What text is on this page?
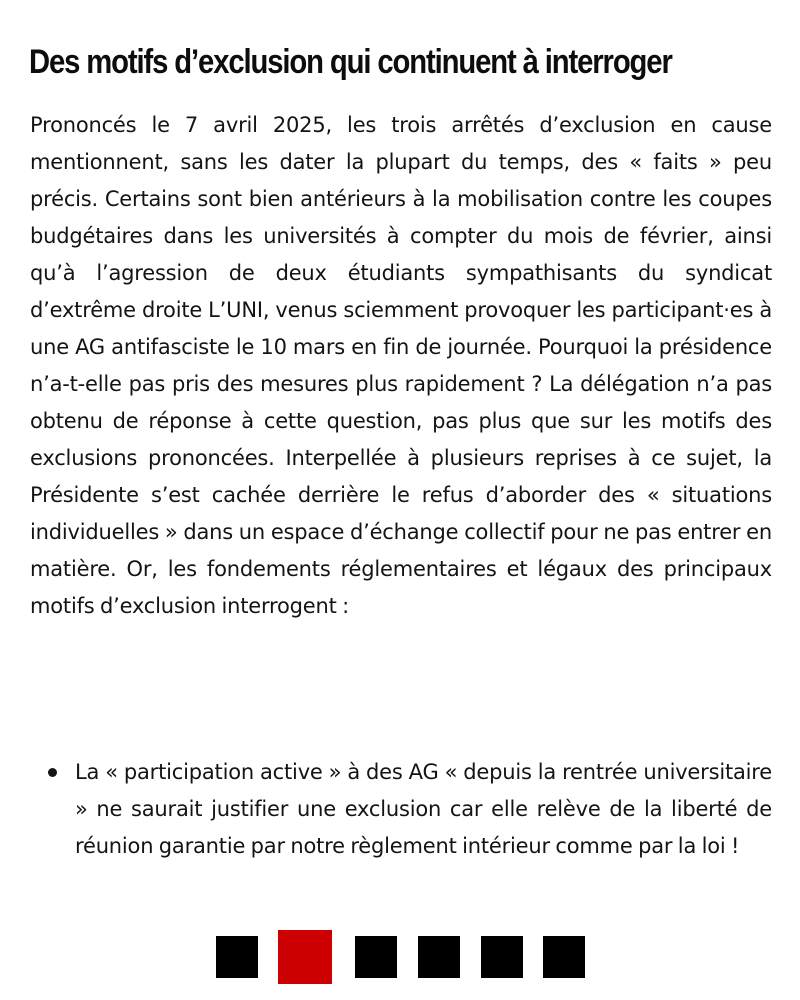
Des motifs d’exclusion qui continuent à interroger

Prononcés le 7 avril 2025, les trois arrêtés d’exclusion en cause mentionnent, sans les dater la plupart du temps, des « faits » peu précis. Certains sont bien antérieurs à la mobilisation contre les coupes budgétaires dans les universités à compter du mois de février, ainsi qu’à l’agression de deux étudiants sympathisants du syndicat d’extrême droite L’UNI, venus sciemment provoquer les participant·es à une AG antifasciste le 10 mars en fin de journée. Pourquoi la présidence n’a-t-elle pas pris des mesures plus rapidement ? La délégation n’a pas obtenu de réponse à cette question, pas plus que sur les motifs des exclusions prononcées. Interpellée à plusieurs reprises à ce sujet, la Présidente s’est cachée derrière le refus d’aborder des « situations individuelles » dans un espace d’échange collectif pour ne pas entrer en matière. Or, les fondements réglementaires et légaux des principaux motifs d’exclusion interrogent :

La « participation active » à des AG « depuis la rentrée universitaire » ne saurait justifier une exclusion car elle relève de la liberté de réunion garantie par notre règlement intérieur comme par la loi !
